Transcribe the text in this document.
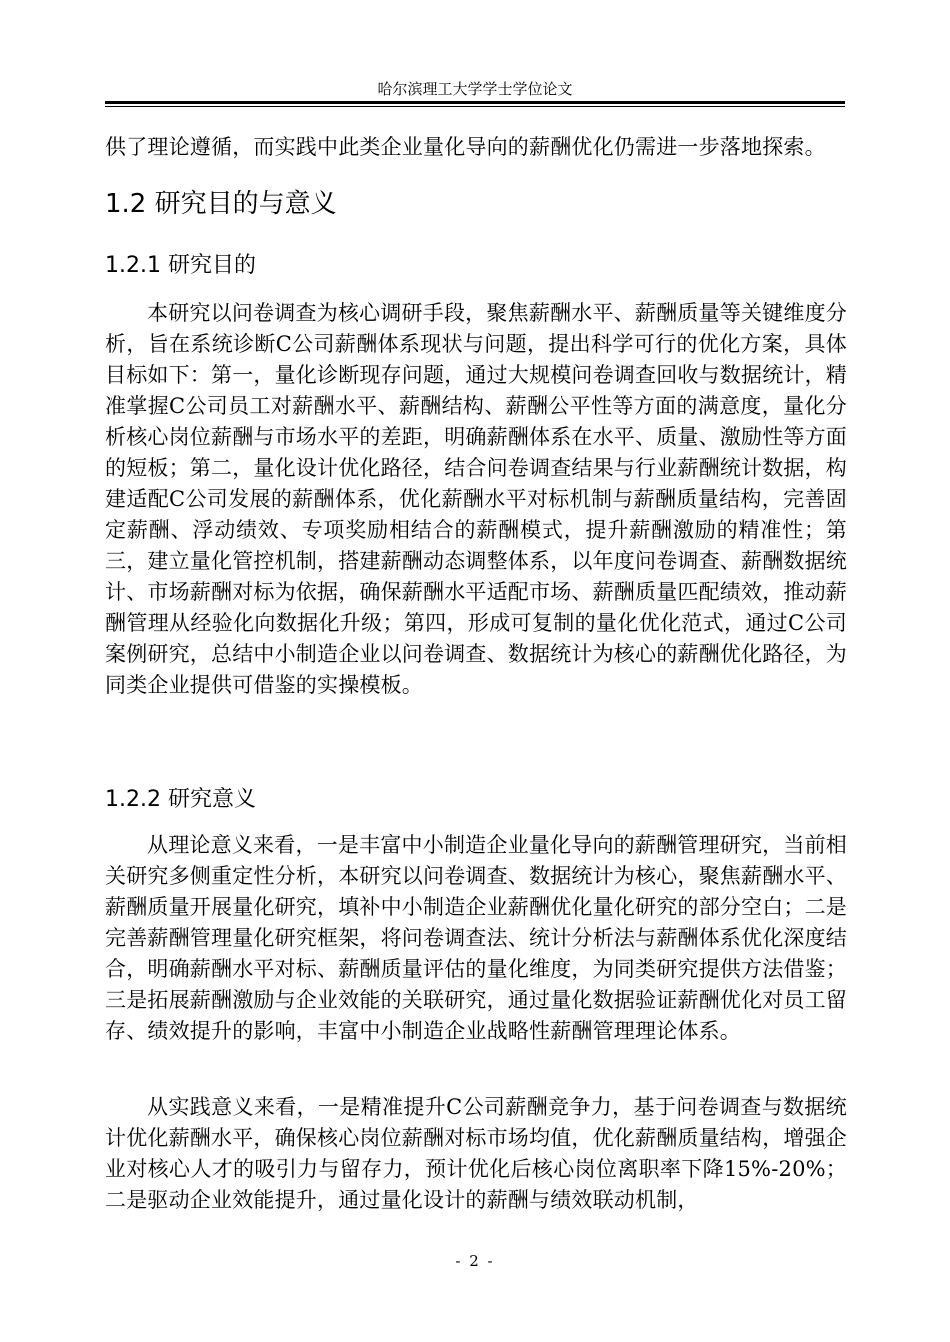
哈尔滨理工大学学士学位论文

供了理论遵循，而实践中此类企业量化导向的薪酬优化仍需进一步落地探索。

1.2 研究目的与意义
1.2.1 研究目的

本研究以问卷调查为核心调研手段，聚焦薪酬水平、薪酬质量等关键维度分析，旨在系统诊断C公司薪酬体系现状与问题，提出科学可行的优化方案，具体目标如下：第一，量化诊断现存问题，通过大规模问卷调查回收与数据统计，精准掌握C公司员工对薪酬水平、薪酬结构、薪酬公平性等方面的满意度，量化分析核心岗位薪酬与市场水平的差距，明确薪酬体系在水平、质量、激励性等方面的短板；第二，量化设计优化路径，结合问卷调查结果与行业薪酬统计数据，构建适配C公司发展的薪酬体系，优化薪酬水平对标机制与薪酬质量结构，完善固定薪酬、浮动绩效、专项奖励相结合的薪酬模式，提升薪酬激励的精准性；第三，建立量化管控机制，搭建薪酬动态调整体系，以年度问卷调查、薪酬数据统计、市场薪酬对标为依据，确保薪酬水平适配市场、薪酬质量匹配绩效，推动薪酬管理从经验化向数据化升级；第四，形成可复制的量化优化范式，通过C公司案例研究，总结中小制造企业以问卷调查、数据统计为核心的薪酬优化路径，为同类企业提供可借鉴的实操模板。

1.2.2 研究意义

从理论意义来看，一是丰富中小制造企业量化导向的薪酬管理研究，当前相关研究多侧重定性分析，本研究以问卷调查、数据统计为核心，聚焦薪酬水平、薪酬质量开展量化研究，填补中小制造企业薪酬优化量化研究的部分空白；二是完善薪酬管理量化研究框架，将问卷调查法、统计分析法与薪酬体系优化深度结合，明确薪酬水平对标、薪酬质量评估的量化维度，为同类研究提供方法借鉴；三是拓展薪酬激励与企业效能的关联研究，通过量化数据验证薪酬优化对员工留存、绩效提升的影响，丰富中小制造企业战略性薪酬管理理论体系。

从实践意义来看，一是精准提升C公司薪酬竞争力，基于问卷调查与数据统计优化薪酬水平，确保核心岗位薪酬对标市场均值，优化薪酬质量结构，增强企业对核心人才的吸引力与留存力，预计优化后核心岗位离职率下降15%-20%；二是驱动企业效能提升，通过量化设计的薪酬与绩效联动机制，

- 2 -
